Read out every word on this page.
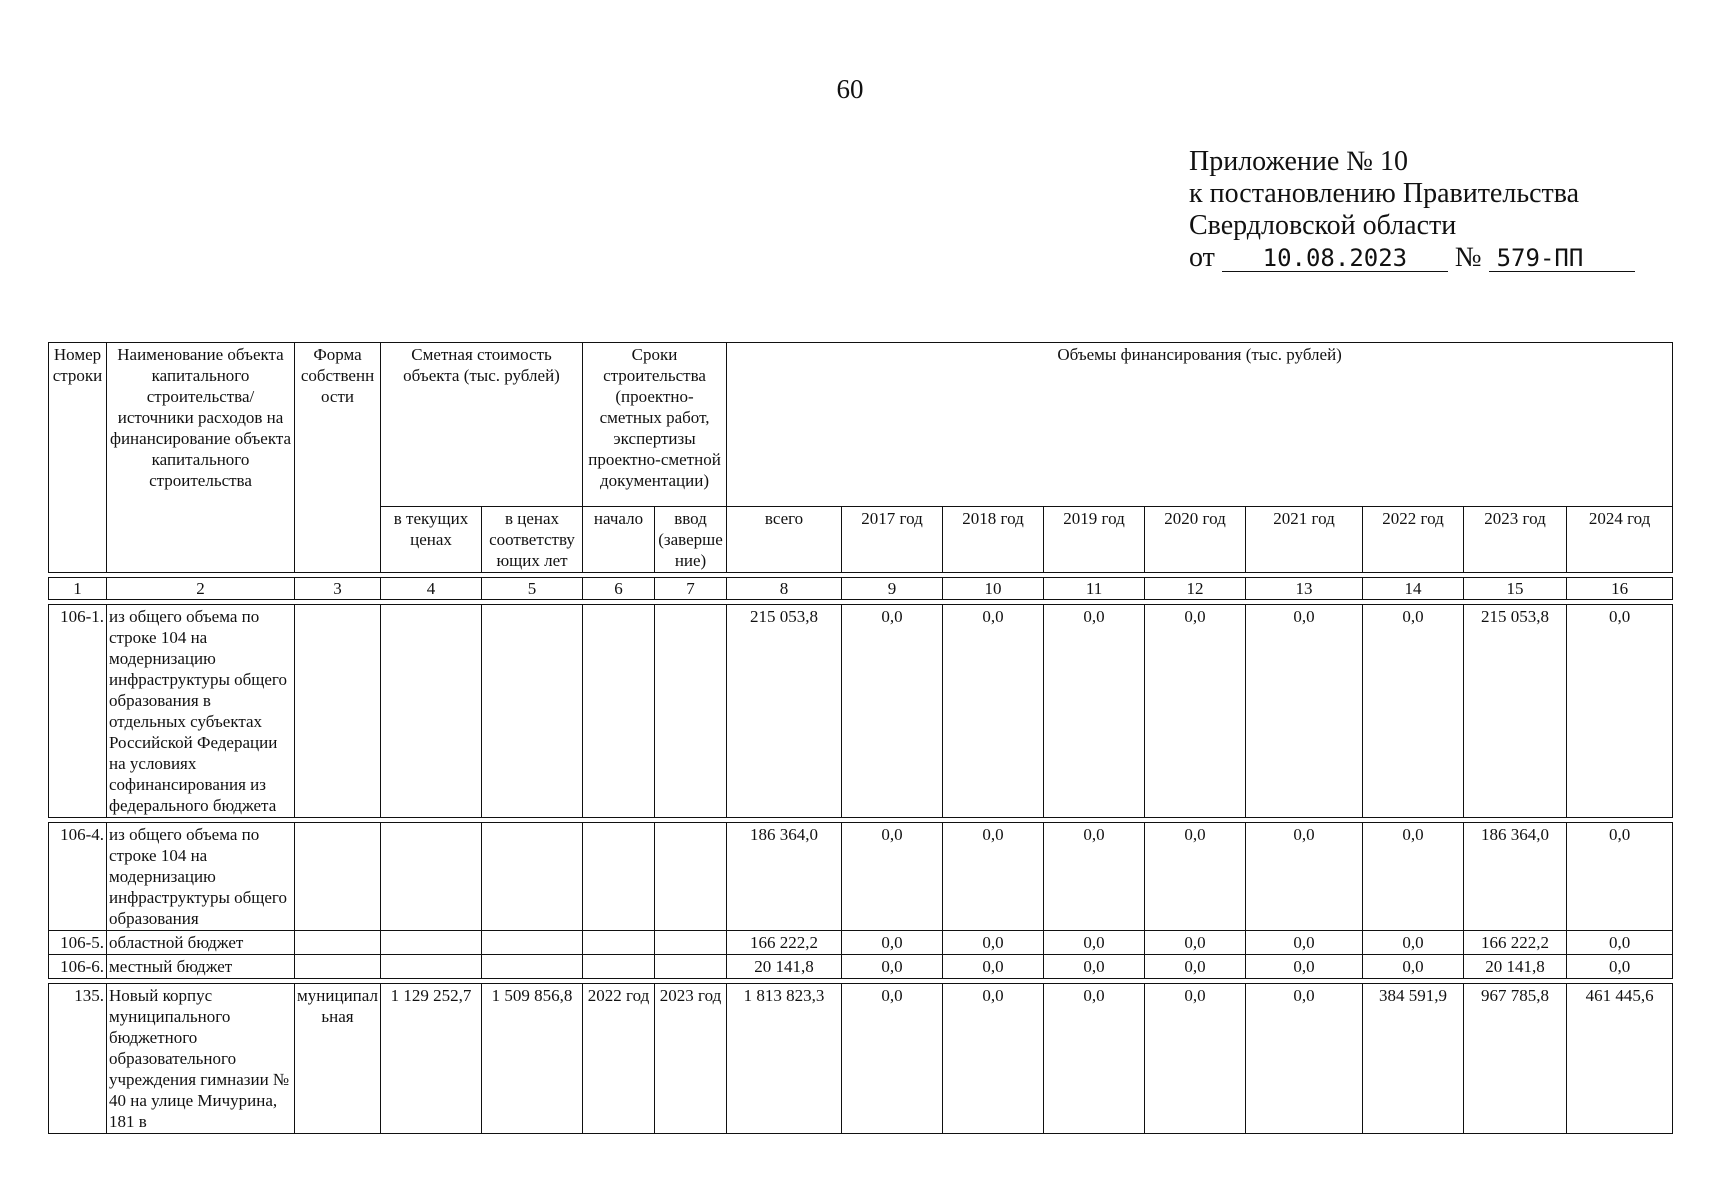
60
Приложение № 10
к постановлению Правительства
Свердловской области
от 10.08.2023 № 579-ПП
Номер строки	Наименование объекта капитального строительства/источники расходов на финансирование объекта капитального строительства	Форма собственности	Сметная стоимость объекта (тыс. рублей)		Сроки строительства (проектно-сметных работ, экспертизы проектно-сметной документации)		Объемы финансирования (тыс. рублей)								
			в текущих ценах	в ценах соответствующих лет	начало	ввод (завершение)	всего	2017 год	2018 год	2019 год	2020 год	2021 год	2022 год	2023 год	2024 год

1	2	3	4	5	6	7	8	9	10	11	12	13	14	15	16

106-1.	из общего объема по строке 104 на модернизацию инфраструктуры общего образования в отдельных субъектах Российской Федерации на условиях софинансирования из федерального бюджета						215 053,8	0,0	0,0	0,0	0,0	0,0	0,0	215 053,8	0,0

106-4.	из общего объема по строке 104 на модернизацию инфраструктуры общего образования						186 364,0	0,0	0,0	0,0	0,0	0,0	0,0	186 364,0	0,0
106-5.	областной бюджет						166 222,2	0,0	0,0	0,0	0,0	0,0	0,0	166 222,2	0,0
106-6.	местный бюджет						20 141,8	0,0	0,0	0,0	0,0	0,0	0,0	20 141,8	0,0

135.	Новый корпус муниципального бюджетного образовательного учреждения гимназии № 40 на улице Мичурина, 181 в	муниципальная	1 129 252,7	1 509 856,8	2022 год	2023 год	1 813 823,3	0,0	0,0	0,0	0,0	0,0	384 591,9	967 785,8	461 445,6
